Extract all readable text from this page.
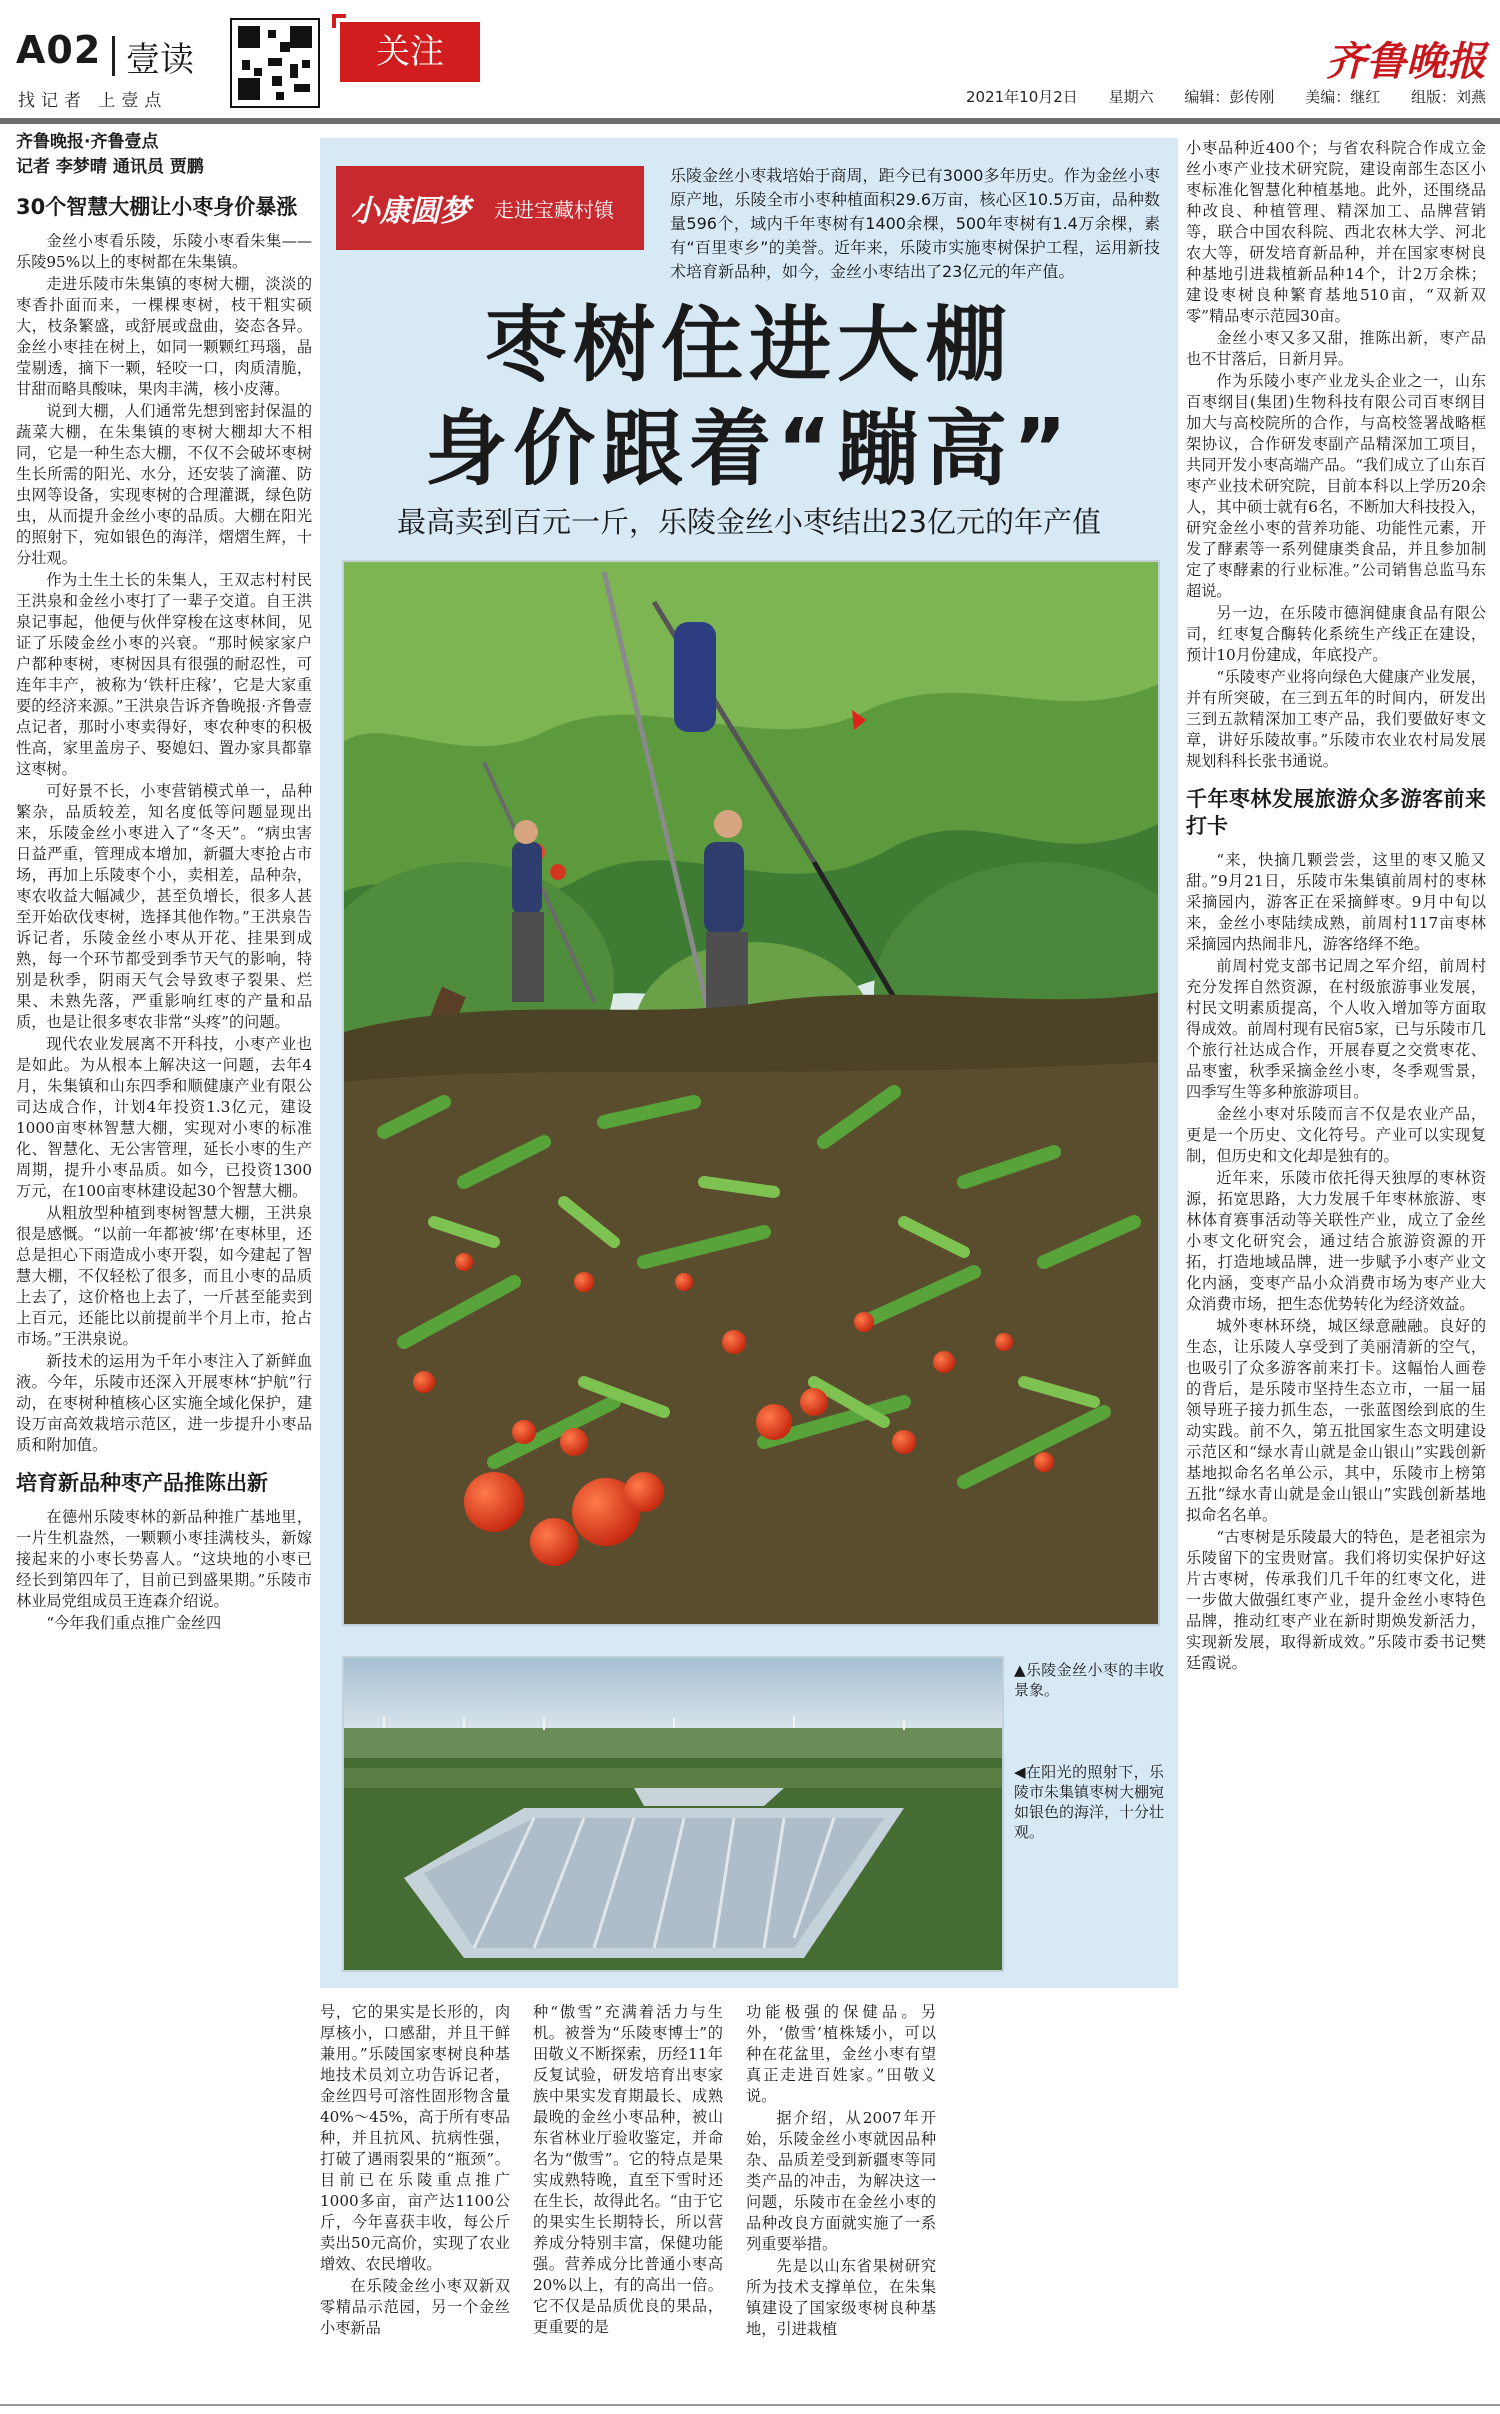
A02 壹读
找记者 上壹点
关注	齐鲁晚报
2021年10月2日 星期六 编辑：彭传刚 美编：继红 组版：刘燕
齐鲁晚报·齐鲁壹点
记者 李梦晴 通讯员 贾鹏
30个智慧大棚让小枣身价暴涨

金丝小枣看乐陵，乐陵小枣看朱集——乐陵95%以上的枣树都在朱集镇。

走进乐陵市朱集镇的枣树大棚，淡淡的枣香扑面而来，一棵棵枣树，枝干粗实硕大，枝条繁盛，或舒展或盘曲，姿态各异。金丝小枣挂在树上，如同一颗颗红玛瑙，晶莹剔透，摘下一颗，轻咬一口，肉质清脆，甘甜而略具酸味，果肉丰满，核小皮薄。

说到大棚，人们通常先想到密封保温的蔬菜大棚，在朱集镇的枣树大棚却大不相同，它是一种生态大棚，不仅不会破坏枣树生长所需的阳光、水分，还安装了滴灌、防虫网等设备，实现枣树的合理灌溉，绿色防虫，从而提升金丝小枣的品质。大棚在阳光的照射下，宛如银色的海洋，熠熠生辉，十分壮观。

作为土生土长的朱集人，王双志村村民王洪泉和金丝小枣打了一辈子交道。自王洪泉记事起，他便与伙伴穿梭在这枣林间，见证了乐陵金丝小枣的兴衰。“那时候家家户户都种枣树，枣树因具有很强的耐忍性，可连年丰产，被称为‘铁杆庄稼’，它是大家重要的经济来源。”王洪泉告诉齐鲁晚报·齐鲁壹点记者，那时小枣卖得好，枣农种枣的积极性高，家里盖房子、娶媳妇、置办家具都靠这枣树。

可好景不长，小枣营销模式单一，品种繁杂，品质较差，知名度低等问题显现出来，乐陵金丝小枣进入了“冬天”。“病虫害日益严重，管理成本增加，新疆大枣抢占市场，再加上乐陵枣个小，卖相差，品种杂，枣农收益大幅减少，甚至负增长，很多人甚至开始砍伐枣树，选择其他作物。”王洪泉告诉记者，乐陵金丝小枣从开花、挂果到成熟，每一个环节都受到季节天气的影响，特别是秋季，阴雨天气会导致枣子裂果、烂果、未熟先落，严重影响红枣的产量和品质，也是让很多枣农非常“头疼”的问题。

现代农业发展离不开科技，小枣产业也是如此。为从根本上解决这一问题，去年4月，朱集镇和山东四季和顺健康产业有限公司达成合作，计划4年投资1.3亿元，建设1000亩枣林智慧大棚，实现对小枣的标准化、智慧化、无公害管理，延长小枣的生产周期，提升小枣品质。如今，已投资1300万元，在100亩枣林建设起30个智慧大棚。

从粗放型种植到枣树智慧大棚，王洪泉很是感慨。“以前一年都被‘绑’在枣林里，还总是担心下雨造成小枣开裂，如今建起了智慧大棚，不仅轻松了很多，而且小枣的品质上去了，这价格也上去了，一斤甚至能卖到上百元，还能比以前提前半个月上市，抢占市场。”王洪泉说。

新技术的运用为千年小枣注入了新鲜血液。今年，乐陵市还深入开展枣林“护航”行动，在枣树种植核心区实施全域化保护，建设万亩高效栽培示范区，进一步提升小枣品质和附加值。

培育新品种枣产品推陈出新

在德州乐陵枣林的新品种推广基地里，一片生机盎然，一颗颗小枣挂满枝头，新嫁接起来的小枣长势喜人。“这块地的小枣已经长到第四年了，目前已到盛果期。”乐陵市林业局党组成员王连森介绍说。

“今年我们重点推广金丝四

小康圆梦 走进宝藏村镇
乐陵金丝小枣栽培始于商周，距今已有3000多年历史。作为金丝小枣原产地，乐陵全市小枣种植面积29.6万亩，核心区10.5万亩，品种数量596个，域内千年枣树有1400余棵，500年枣树有1.4万余棵，素有“百里枣乡”的美誉。近年来，乐陵市实施枣树保护工程，运用新技术培育新品种，如今，金丝小枣结出了23亿元的年产值。
枣树住进大棚
身价跟着“蹦高”
最高卖到百元一斤，乐陵金丝小枣结出23亿元的年产值
▲乐陵金丝小枣的丰收景象。
◀在阳光的照射下，乐陵市朱集镇枣树大棚宛如银色的海洋，十分壮观。

号，它的果实是长形的，肉厚核小，口感甜，并且干鲜兼用。”乐陵国家枣树良种基地技术员刘立功告诉记者，金丝四号可溶性固形物含量40%～45%，高于所有枣品种，并且抗风、抗病性强，打破了遇雨裂果的“瓶颈”。目前已在乐陵重点推广1000多亩，亩产达1100公斤，今年喜获丰收，每公斤卖出50元高价，实现了农业增效、农民增收。

在乐陵金丝小枣双新双零精品示范园，另一个金丝小枣新品

种“傲雪”充满着活力与生机。被誉为“乐陵枣博士”的田敬义不断探索，历经11年反复试验，研发培育出枣家族中果实发育期最长、成熟最晚的金丝小枣品种，被山东省林业厅验收鉴定，并命名为“傲雪”。它的特点是果实成熟特晚，直至下雪时还在生长，故得此名。“由于它的果实生长期特长，所以营养成分特别丰富，保健功能强。营养成分比普通小枣高20%以上，有的高出一倍。它不仅是品质优良的果品，更重要的是

功能极强的保健品。另外，‘傲雪’植株矮小，可以种在花盆里，金丝小枣有望真正走进百姓家。”田敬义说。

据介绍，从2007年开始，乐陵金丝小枣就因品种杂、品质差受到新疆枣等同类产品的冲击，为解决这一问题，乐陵市在金丝小枣的品种改良方面就实施了一系列重要举措。

先是以山东省果树研究所为技术支撑单位，在朱集镇建设了国家级枣树良种基地，引进栽植

小枣品种近400个；与省农科院合作成立金丝小枣产业技术研究院，建设南部生态区小枣标准化智慧化种植基地。此外，还围绕品种改良、种植管理、精深加工、品牌营销等，联合中国农科院、西北农林大学、河北农大等，研发培育新品种，并在国家枣树良种基地引进栽植新品种14个，计2万余株；建设枣树良种繁育基地510亩，“双新双零”精品枣示范园30亩。

金丝小枣又多又甜，推陈出新，枣产品也不甘落后，日新月异。

作为乐陵小枣产业龙头企业之一，山东百枣纲目(集团)生物科技有限公司百枣纲目加大与高校院所的合作，与高校签署战略框架协议，合作研发枣副产品精深加工项目，共同开发小枣高端产品。“我们成立了山东百枣产业技术研究院，目前本科以上学历20余人，其中硕士就有6名，不断加大科技投入，研究金丝小枣的营养功能、功能性元素，开发了酵素等一系列健康类食品，并且参加制定了枣酵素的行业标准。”公司销售总监马东超说。

另一边，在乐陵市德润健康食品有限公司，红枣复合酶转化系统生产线正在建设，预计10月份建成，年底投产。

“乐陵枣产业将向绿色大健康产业发展，并有所突破，在三到五年的时间内，研发出三到五款精深加工枣产品，我们要做好枣文章，讲好乐陵故事。”乐陵市农业农村局发展规划科科长张书通说。

千年枣林发展旅游众多游客前来打卡

“来，快摘几颗尝尝，这里的枣又脆又甜。”9月21日，乐陵市朱集镇前周村的枣林采摘园内，游客正在采摘鲜枣。9月中旬以来，金丝小枣陆续成熟，前周村117亩枣林采摘园内热闹非凡，游客络绎不绝。

前周村党支部书记周之军介绍，前周村充分发挥自然资源，在村级旅游事业发展，村民文明素质提高，个人收入增加等方面取得成效。前周村现有民宿5家，已与乐陵市几个旅行社达成合作，开展春夏之交赏枣花、品枣蜜，秋季采摘金丝小枣，冬季观雪景，四季写生等多种旅游项目。

金丝小枣对乐陵而言不仅是农业产品，更是一个历史、文化符号。产业可以实现复制，但历史和文化却是独有的。

近年来，乐陵市依托得天独厚的枣林资源，拓宽思路，大力发展千年枣林旅游、枣林体育赛事活动等关联性产业，成立了金丝小枣文化研究会，通过结合旅游资源的开拓，打造地域品牌，进一步赋予小枣产业文化内涵，变枣产品小众消费市场为枣产业大众消费市场，把生态优势转化为经济效益。

城外枣林环绕，城区绿意融融。良好的生态，让乐陵人享受到了美丽清新的空气，也吸引了众多游客前来打卡。这幅怡人画卷的背后，是乐陵市坚持生态立市，一届一届领导班子接力抓生态，一张蓝图绘到底的生动实践。前不久，第五批国家生态文明建设示范区和“绿水青山就是金山银山”实践创新基地拟命名名单公示，其中，乐陵市上榜第五批“绿水青山就是金山银山”实践创新基地拟命名名单。

“古枣树是乐陵最大的特色，是老祖宗为乐陵留下的宝贵财富。我们将切实保护好这片古枣树，传承我们几千年的红枣文化，进一步做大做强红枣产业，提升金丝小枣特色品牌，推动红枣产业在新时期焕发新活力，实现新发展，取得新成效。”乐陵市委书记樊廷霞说。
